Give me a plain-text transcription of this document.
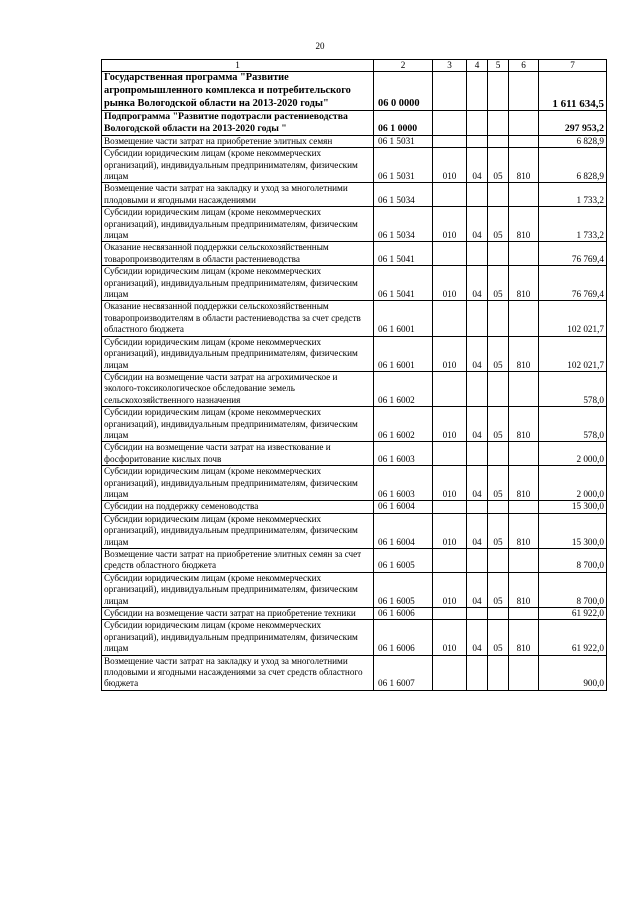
20
1	2	3	4	5	6	7
Государственная программа "Развитие агропромышленного комплекса и потребительского рынка Вологодской области на 2013-2020 годы"	06 0 0000					1 611 634,5
Подпрограмма "Развитие подотрасли растениеводства Вологодской области на 2013-2020 годы "	06 1 0000					297 953,2
Возмещение части затрат на приобретение элитных семян	06 1 5031					6 828,9
Субсидии юридическим лицам (кроме некоммерческих организаций), индивидуальным предпринимателям, физическим лицам	06 1 5031	010	04	05	810	6 828,9
Возмещение части затрат на закладку и уход за многолетними плодовыми и ягодными насаждениями	06 1 5034					1 733,2
Субсидии юридическим лицам (кроме некоммерческих организаций), индивидуальным предпринимателям, физическим лицам	06 1 5034	010	04	05	810	1 733,2
Оказание несвязанной поддержки сельскохозяйственным товаропроизводителям в области растениеводства	06 1 5041					76 769,4
Субсидии юридическим лицам (кроме некоммерческих организаций), индивидуальным предпринимателям, физическим лицам	06 1 5041	010	04	05	810	76 769,4
Оказание несвязанной поддержки сельскохозяйственным товаропроизводителям в области растениеводства за счет средств областного бюджета	06 1 6001					102 021,7
Субсидии юридическим лицам (кроме некоммерческих организаций), индивидуальным предпринимателям, физическим лицам	06 1 6001	010	04	05	810	102 021,7
Субсидии на возмещение части затрат на агрохимическое и эколого-токсикологическое обследование земель сельскохозяйственного назначения	06 1 6002					578,0
Субсидии юридическим лицам (кроме некоммерческих организаций), индивидуальным предпринимателям, физическим лицам	06 1 6002	010	04	05	810	578,0
Субсидии на возмещение части затрат на известкование и фосфоритование кислых почв	06 1 6003					2 000,0
Субсидии юридическим лицам (кроме некоммерческих организаций), индивидуальным предпринимателям, физическим лицам	06 1 6003	010	04	05	810	2 000,0
Субсидии на поддержку семеноводства	06 1 6004					15 300,0
Субсидии юридическим лицам (кроме некоммерческих организаций), индивидуальным предпринимателям, физическим лицам	06 1 6004	010	04	05	810	15 300,0
Возмещение части затрат на приобретение элитных семян за счет средств областного бюджета	06 1 6005					8 700,0
Субсидии юридическим лицам (кроме некоммерческих организаций), индивидуальным предпринимателям, физическим лицам	06 1 6005	010	04	05	810	8 700,0
Субсидии на возмещение части затрат на приобретение техники	06 1 6006					61 922,0
Субсидии юридическим лицам (кроме некоммерческих организаций), индивидуальным предпринимателям, физическим лицам	06 1 6006	010	04	05	810	61 922,0
Возмещение части затрат на закладку и уход за многолетними плодовыми и ягодными насаждениями за счет средств областного бюджета	06 1 6007					900,0
